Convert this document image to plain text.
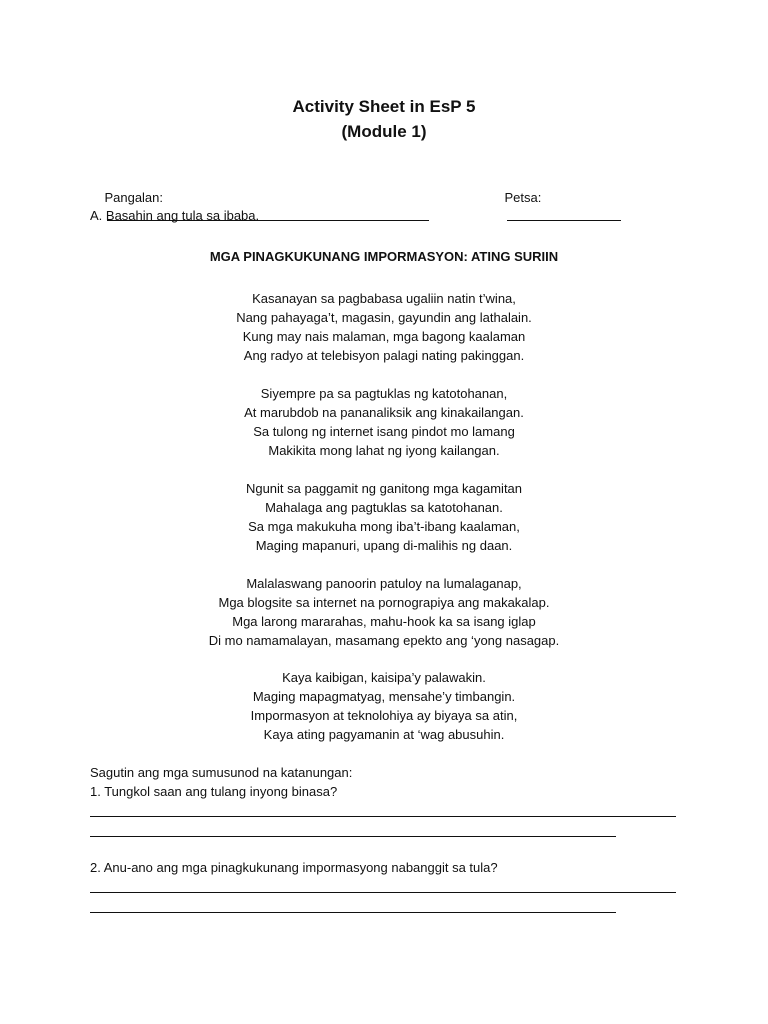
Activity Sheet in EsP 5
(Module 1)

Pangalan:

	Petsa:

A. Basahin ang tula sa ibaba.
MGA PINAGKUKUNANG IMPORMASYON: ATING SURIIN
Kasanayan sa pagbabasa ugaliin natin t’wina,
Nang pahayaga’t, magasin, gayundin ang lathalain.
Kung may nais malaman, mga bagong kaalaman
Ang radyo at telebisyon palagi nating pakinggan.
Siyempre pa sa pagtuklas ng katotohanan,
At marubdob na pananaliksik ang kinakailangan.
Sa tulong ng internet isang pindot mo lamang
Makikita mong lahat ng iyong kailangan.
Ngunit sa paggamit ng ganitong mga kagamitan
Mahalaga ang pagtuklas sa katotohanan.
Sa mga makukuha mong iba’t-ibang kaalaman,
Maging mapanuri, upang di-malihis ng daan.
Malalaswang panoorin patuloy na lumalaganap,
Mga blogsite sa internet na pornograpiya ang makakalap.
Mga larong mararahas, mahu-hook ka sa isang iglap
Di mo namamalayan, masamang epekto ang ‘yong nasagap.
Kaya kaibigan, kaisipa’y palawakin.
Maging mapagmatyag, mensahe’y timbangin.
Impormasyon at teknolohiya ay biyaya sa atin,
Kaya ating pagyamanin at ‘wag abusuhin.
Sagutin ang mga sumusunod na katanungan:
1. Tungkol saan ang tulang inyong binasa?
2. Anu-ano ang mga pinagkukunang impormasyong nabanggit sa tula?
